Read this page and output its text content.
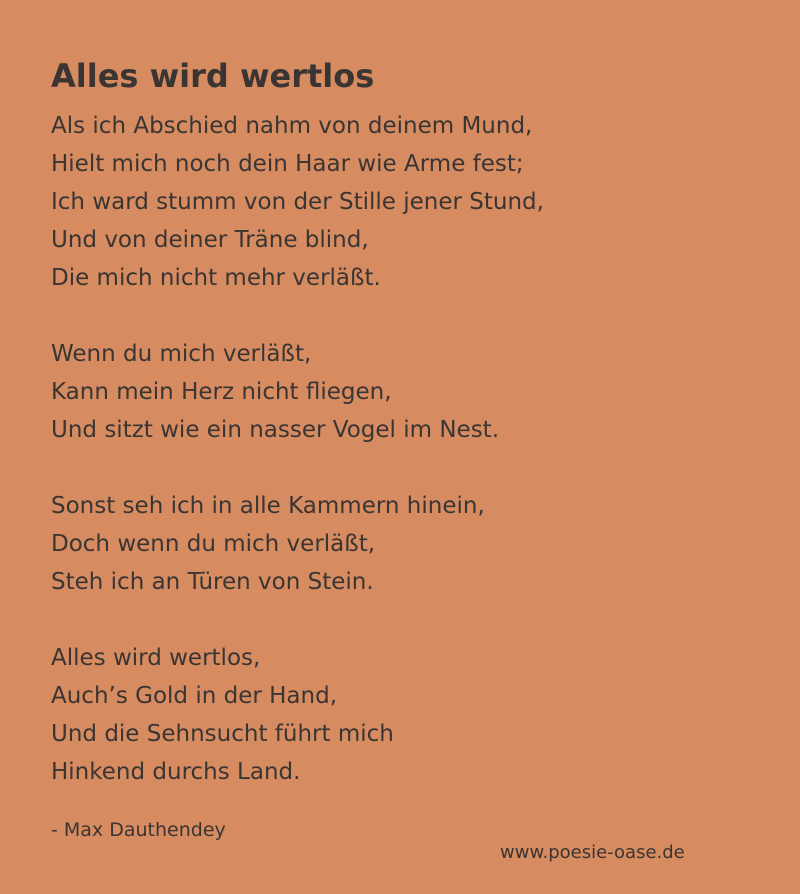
Alles wird wertlos
Als ich Abschied nahm von deinem Mund,
Hielt mich noch dein Haar wie Arme fest;
Ich ward stumm von der Stille jener Stund,
Und von deiner Träne blind,
Die mich nicht mehr verläßt.
Wenn du mich verläßt,
Kann mein Herz nicht fliegen,
Und sitzt wie ein nasser Vogel im Nest.
Sonst seh ich in alle Kammern hinein,
Doch wenn du mich verläßt,
Steh ich an Türen von Stein.
Alles wird wertlos,
Auch’s Gold in der Hand,
Und die Sehnsucht führt mich
Hinkend durchs Land.
- Max Dauthendey
www.poesie-oase.de
